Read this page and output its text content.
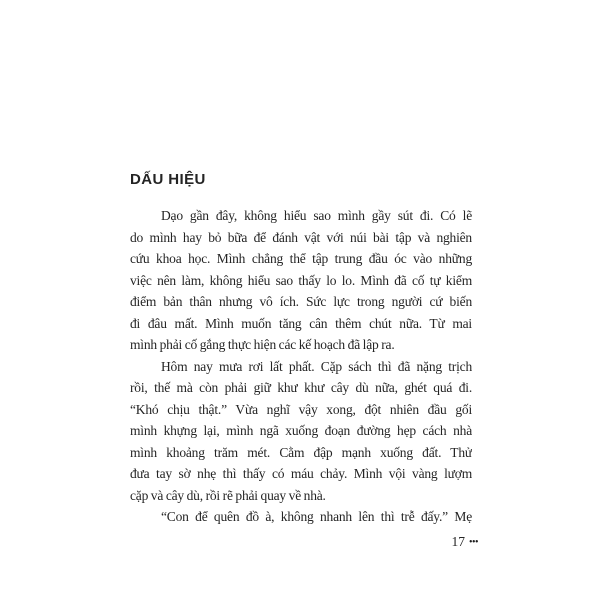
DẤU HIỆU
Dạo gần đây, không hiểu sao mình gầy sút đi. Có lẽ
do mình hay bỏ bữa để đánh vật với núi bài tập và nghiên
cứu khoa học. Mình chẳng thể tập trung đầu óc vào những
việc nên làm, không hiểu sao thấy lo lo. Mình đã cố tự kiểm
điểm bản thân nhưng vô ích. Sức lực trong người cứ biến
đi đâu mất. Mình muốn tăng cân thêm chút nữa. Từ mai
mình phải cố gắng thực hiện các kế hoạch đã lập ra.
Hôm nay mưa rơi lất phất. Cặp sách thì đã nặng trịch
rồi, thế mà còn phải giữ khư khư cây dù nữa, ghét quá đi.
“Khó chịu thật.” Vừa nghĩ vậy xong, đột nhiên đầu gối
mình khựng lại, mình ngã xuống đoạn đường hẹp cách nhà
mình khoảng trăm mét. Cằm đập mạnh xuống đất. Thử
đưa tay sờ nhẹ thì thấy có máu chảy. Mình vội vàng lượm
cặp và cây dù, rồi rẽ phải quay về nhà.
“Con để quên đồ à, không nhanh lên thì trễ đấy.” Mẹ
17 •••
